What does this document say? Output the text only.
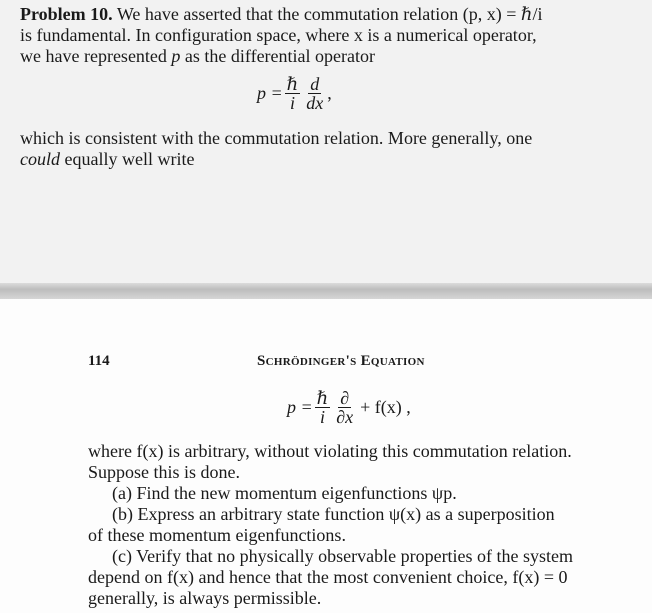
Problem 10. We have asserted that the commutation relation (p, x) = ℏ/i
is fundamental. In configuration space, where x is a numerical operator,
we have represented p as the differential operator
$p = \frac{\text{ℏ}}{i} \frac{d}{dx}$ ,
which is consistent with the commutation relation. More generally, one
could equally well write
114	Schrödinger's Equation
$p = \frac{\text{ℏ}}{i} \frac{\partial}{\partial x} + f(x)$ ,
where f(x) is arbitrary, without violating this commutation relation.
Suppose this is done.
(a) Find the new momentum eigenfunctions ψp.
(b) Express an arbitrary state function ψ(x) as a superposition
of these momentum eigenfunctions.
(c) Verify that no physically observable properties of the system
depend on f(x) and hence that the most convenient choice, f(x) = 0
generally, is always permissible.
